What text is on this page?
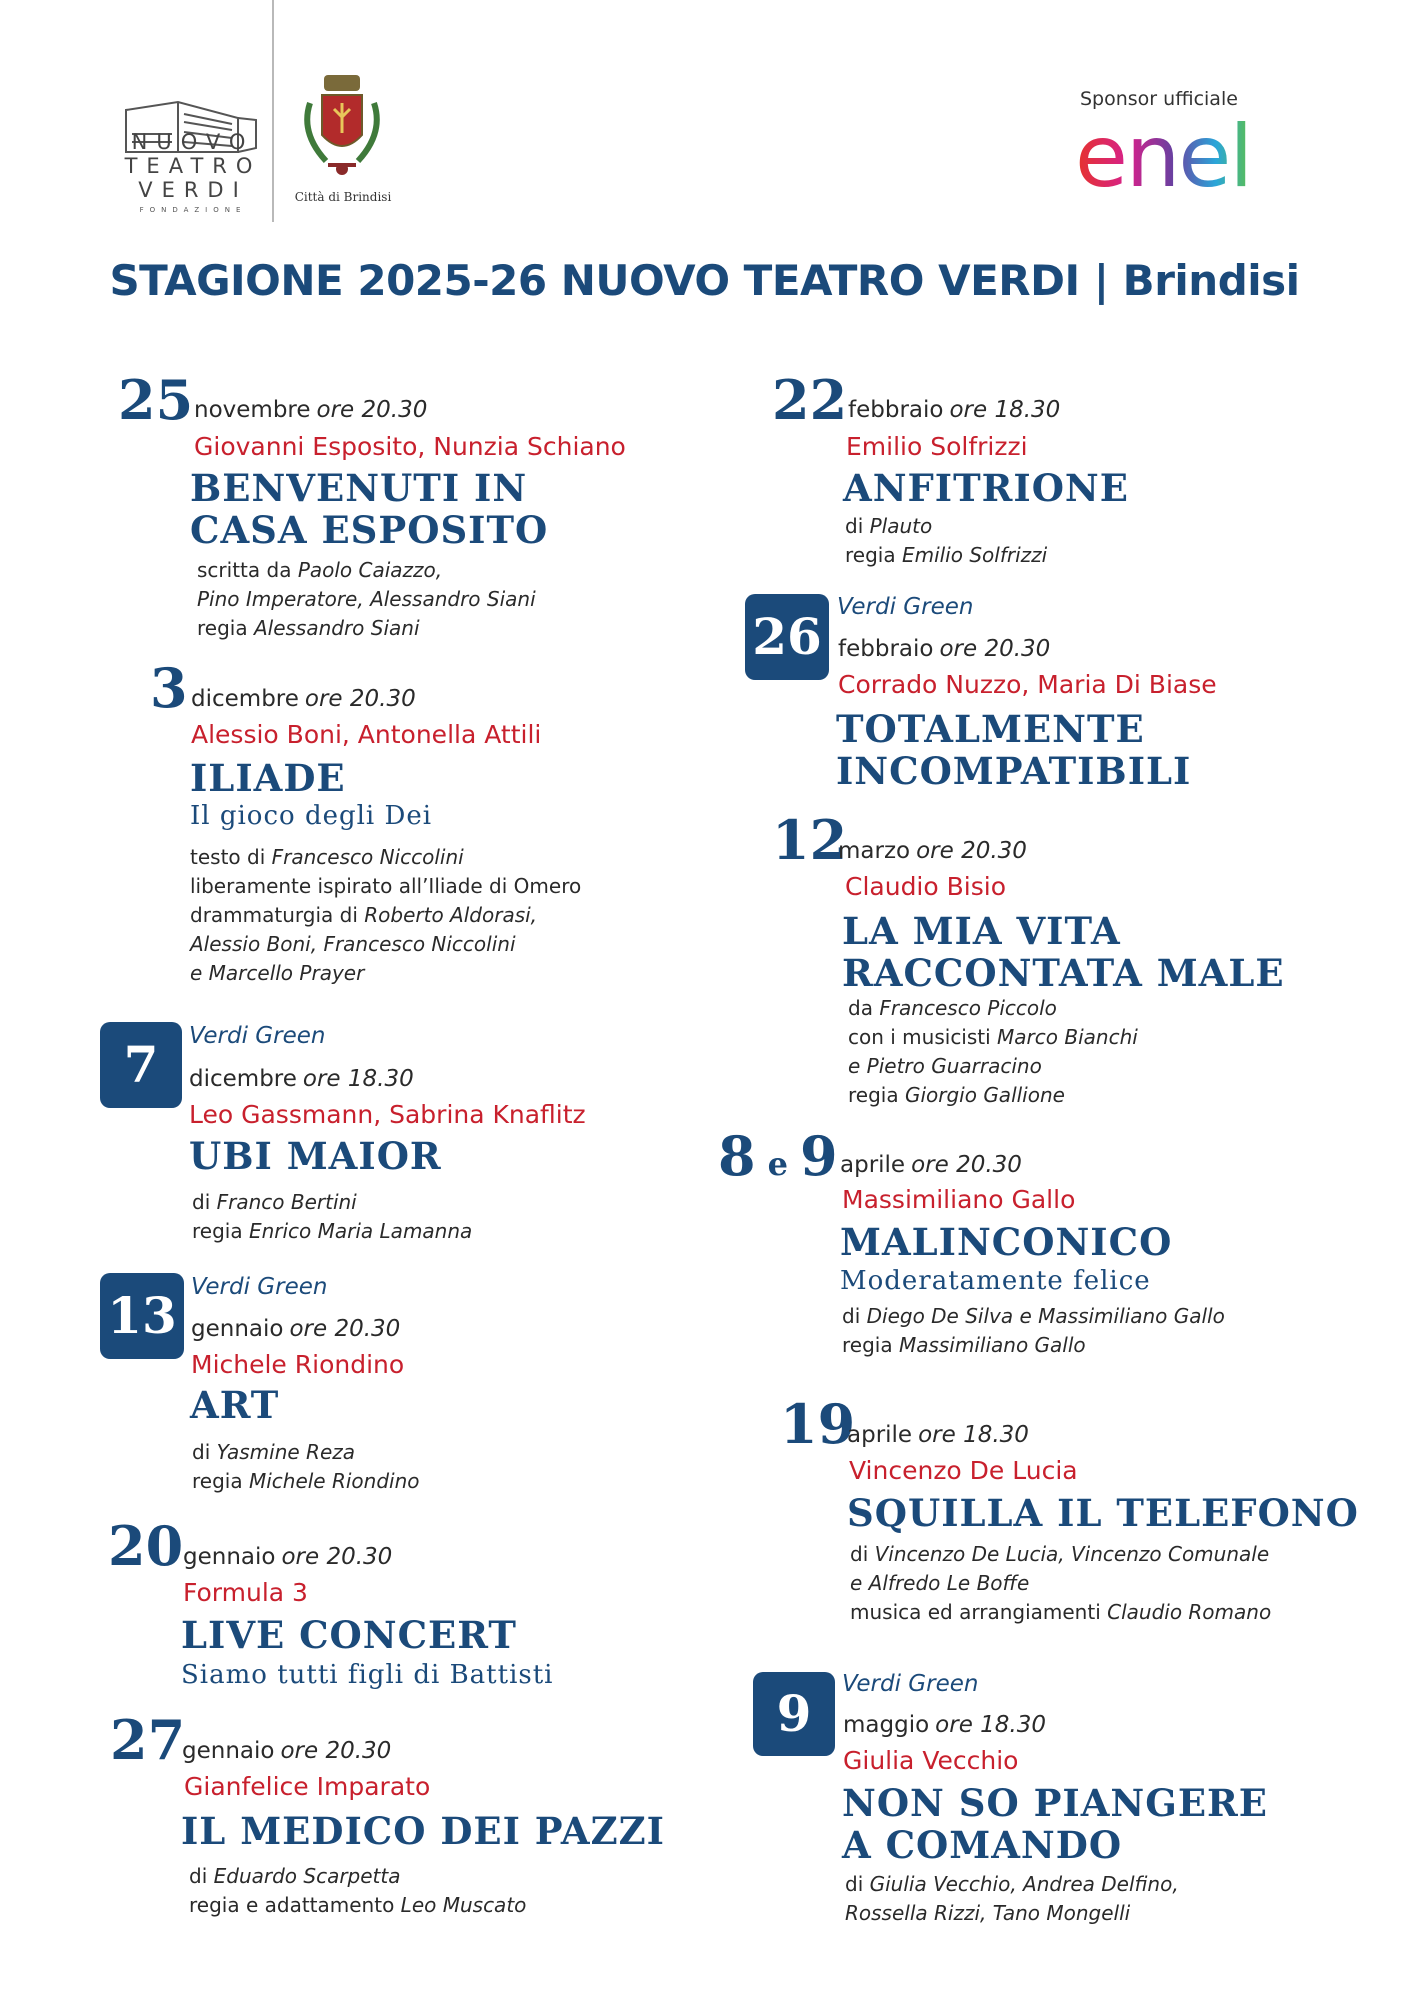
NUOVO
TEATRO
VERDI
FONDAZIONE
Città di Brindisi
Sponsor ufficiale
enel
STAGIONE 2025-26 NUOVO TEATRO VERDI | Brindisi
25 novembre ore 20.30
Giovanni Esposito, Nunzia Schiano
BENVENUTI IN
CASA ESPOSITO
scritta da Paolo Caiazzo,
Pino Imperatore, Alessandro Siani
regia Alessandro Siani
3 dicembre ore 20.30
Alessio Boni, Antonella Attili
ILIADE
Il gioco degli Dei
testo di Francesco Niccolini
liberamente ispirato all’Iliade di Omero
drammaturgia di Roberto Aldorasi,
Alessio Boni, Francesco Niccolini
e Marcello Prayer
7	Verdi Green
dicembre ore 18.30
Leo Gassmann, Sabrina Knaflitz
UBI MAIOR
di Franco Bertini
regia Enrico Maria Lamanna
13 Verdi Green
gennaio ore 20.30
Michele Riondino
ART
di Yasmine Reza
regia Michele Riondino
20 gennaio ore 20.30
Formula 3
LIVE CONCERT
Siamo tutti figli di Battisti
27
gennaio ore 20.30
Gianfelice Imparato
IL MEDICO DEI PAZZI
di Eduardo Scarpetta
regia e adattamento Leo Muscato
22 febbraio ore 18.30
Emilio Solfrizzi
ANFITRIONE
di Plauto
regia Emilio Solfrizzi
26 Verdi Green
febbraio ore 20.30
Corrado Nuzzo, Maria Di Biase
TOTALMENTE
INCOMPATIBILI
12
marzo ore 20.30
Claudio Bisio
LA MIA VITA
RACCONTATA MALE
da Francesco Piccolo
con i musicisti Marco Bianchi
e Pietro Guarracino
regia Giorgio Gallione
8 e 9 aprile ore 20.30
Massimiliano Gallo
MALINCONICO
Moderatamente felice
di Diego De Silva e Massimiliano Gallo
regia Massimiliano Gallo
19
aprile ore 18.30
Vincenzo De Lucia
SQUILLA IL TELEFONO
di Vincenzo De Lucia, Vincenzo Comunale
e Alfredo Le Boffe
musica ed arrangiamenti Claudio Romano
9	Verdi Green
maggio ore 18.30
Giulia Vecchio
NON SO PIANGERE
A COMANDO
di Giulia Vecchio, Andrea Delfino,
Rossella Rizzi, Tano Mongelli
